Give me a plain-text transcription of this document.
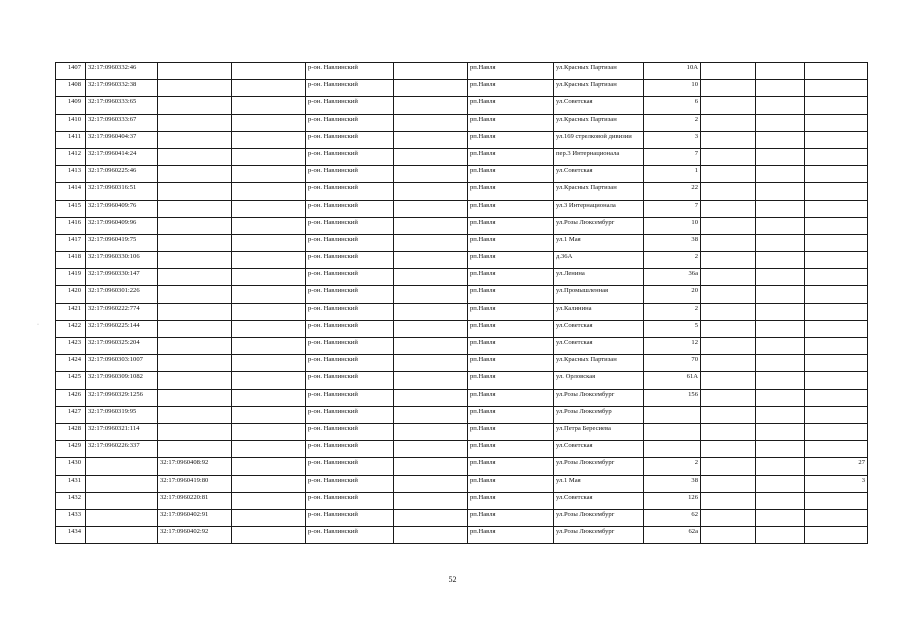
1407	32:17:0960332:46			р-он. Навлинский		рп.Навля	ул.Красных Партизан	10А			
1408	32:17:0960332:38			р-он. Навлинский		рп.Навля	ул.Красных Партизан	10			
1409	32:17:0960333:65			р-он. Навлинский		рп.Навля	ул.Советская	6			
1410	32:17:0960333:67			р-он. Навлинский		рп.Навля	ул.Красных Партизан	2			
1411	32:17:0960404:37			р-он. Навлинский		рп.Навля	ул.169 стрелковой дивизии	3			
1412	32:17:0960414:24			р-он. Навлинский		рп.Навля	пер.3 Интернационала	7			
1413	32:17:0960225:46			р-он. Навлинский		рп.Навля	ул.Советская	1			
1414	32:17:0960316:51			р-он. Навлинский		рп.Навля	ул.Красных Партизан	22			
1415	32:17:0960409:76			р-он. Навлинский		рп.Навля	ул.3 Интернационала	7			
1416	32:17:0960409:96			р-он. Навлинский		рп.Навля	ул.Розы Люксембург	10			
1417	32:17:0960419:75			р-он. Навлинский		рп.Навля	ул.1 Мая	38			
1418	32:17:0960330:106			р-он. Навлинский		рп.Навля	д.36А	2			
1419	32:17:0960330:147			р-он. Навлинский		рп.Навля	ул.Ленина	36а			
1420	32:17:0960301:226			р-он. Навлинский		рп.Навля	ул.Промышленная	20			
1421	32:17:0960222:774			р-он. Навлинский		рп.Навля	ул.Калинина	2			
1422	32:17:0960225:144			р-он. Навлинский		рп.Навля	ул.Советская	5			
1423	32:17:0960325:204			р-он. Навлинский		рп.Навля	ул.Советская	12			
1424	32:17:0960303:1007			р-он. Навлинский		рп.Навля	ул.Красных Партизан	70			
1425	32:17:0960309:1082			р-он. Навлинский		рп.Навля	ул. Орловская	61А			
1426	32:17:0960329:1256			р-он. Навлинский		рп.Навля	ул.Розы Люксембург	156			
1427	32:17:0960319:95			р-он. Навлинский		рп.Навля	ул.Розы Люксембур				
1428	32:17:0960321:114			р-он. Навлинский		рп.Навля	ул.Петра Бересиева				
1429	32:17:0960226:337			р-он. Навлинский		рп.Навля	ул.Советская				
1430		32:17:0960408:92		р-он. Навлинский		рп.Навля	ул.Розы Люксембург	2			27
1431		32:17:0960419:80		р-он. Навлинский		рп.Навля	ул.1 Мая	38			3
1432		32:17:0960220:81		р-он. Навлинский		рп.Навля	ул.Советская	126			
1433		32:17:0960402:91		р-он. Навлинский		рп.Навля	ул.Розы Люксембург	62			
1434		32:17:0960402:92		р-он. Навлинский		рп.Навля	ул.Розы Люксембург	62а			
·
52
